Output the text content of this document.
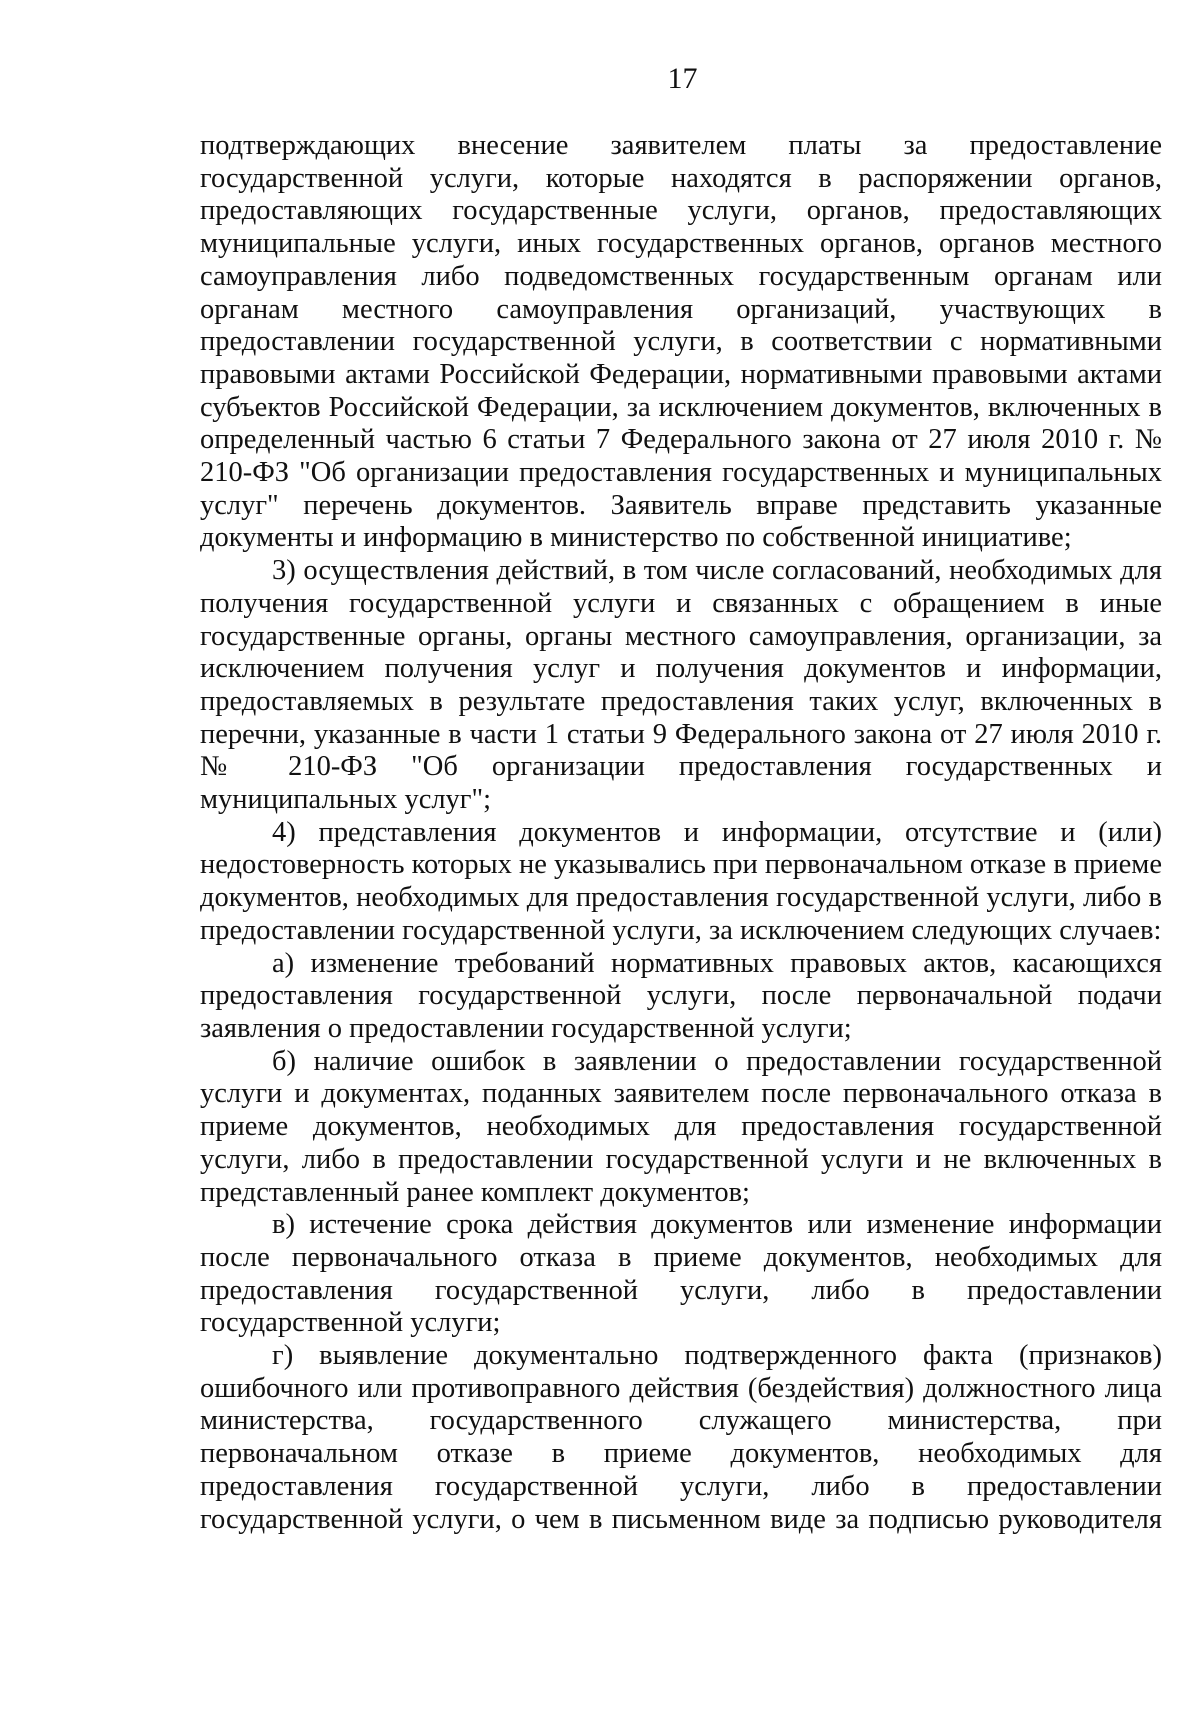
17

подтверждающих внесение заявителем платы за предоставление государственной услуги, которые находятся в распоряжении органов, предоставляющих государственные услуги, органов, предоставляющих муниципальные услуги, иных государственных органов, органов местного самоуправления либо подведомственных государственным органам или органам местного самоуправления организаций, участвующих в предоставлении государственной услуги, в соответствии с нормативными правовыми актами Российской Федерации, нормативными правовыми актами субъектов Российской Федерации, за исключением документов, включенных в определенный частью 6 статьи 7 Федерального закона от 27 июля 2010 г. № 210-ФЗ "Об организации предоставления государственных и муниципальных услуг" перечень документов. Заявитель вправе представить указанные документы и информацию в министерство по собственной инициативе;

3) осуществления действий, в том числе согласований, необходимых для получения государственной услуги и связанных с обращением в иные государственные органы, органы местного самоуправления, организации, за исключением получения услуг и получения документов и информации, предоставляемых в результате предоставления таких услуг, включенных в перечни, указанные в части 1 статьи 9 Федерального закона от 27 июля 2010 г. № 210-ФЗ "Об организации предоставления государственных и муниципальных услуг";

4) представления документов и информации, отсутствие и (или) недостоверность которых не указывались при первоначальном отказе в приеме документов, необходимых для предоставления государственной услуги, либо в предоставлении государственной услуги, за исключением следующих случаев:

а) изменение требований нормативных правовых актов, касающихся предоставления государственной услуги, после первоначальной подачи заявления о предоставлении государственной услуги;

б) наличие ошибок в заявлении о предоставлении государственной услуги и документах, поданных заявителем после первоначального отказа в приеме документов, необходимых для предоставления государственной услуги, либо в предоставлении государственной услуги и не включенных в представленный ранее комплект документов;

в) истечение срока действия документов или изменение информации после первоначального отказа в приеме документов, необходимых для предоставления государственной услуги, либо в предоставлении государственной услуги;

г) выявление документально подтвержденного факта (признаков) ошибочного или противоправного действия (бездействия) должностного лица министерства, государственного служащего министерства, при первоначальном отказе в приеме документов, необходимых для предоставления государственной услуги, либо в предоставлении государственной услуги, о чем в письменном виде за подписью руководителя
